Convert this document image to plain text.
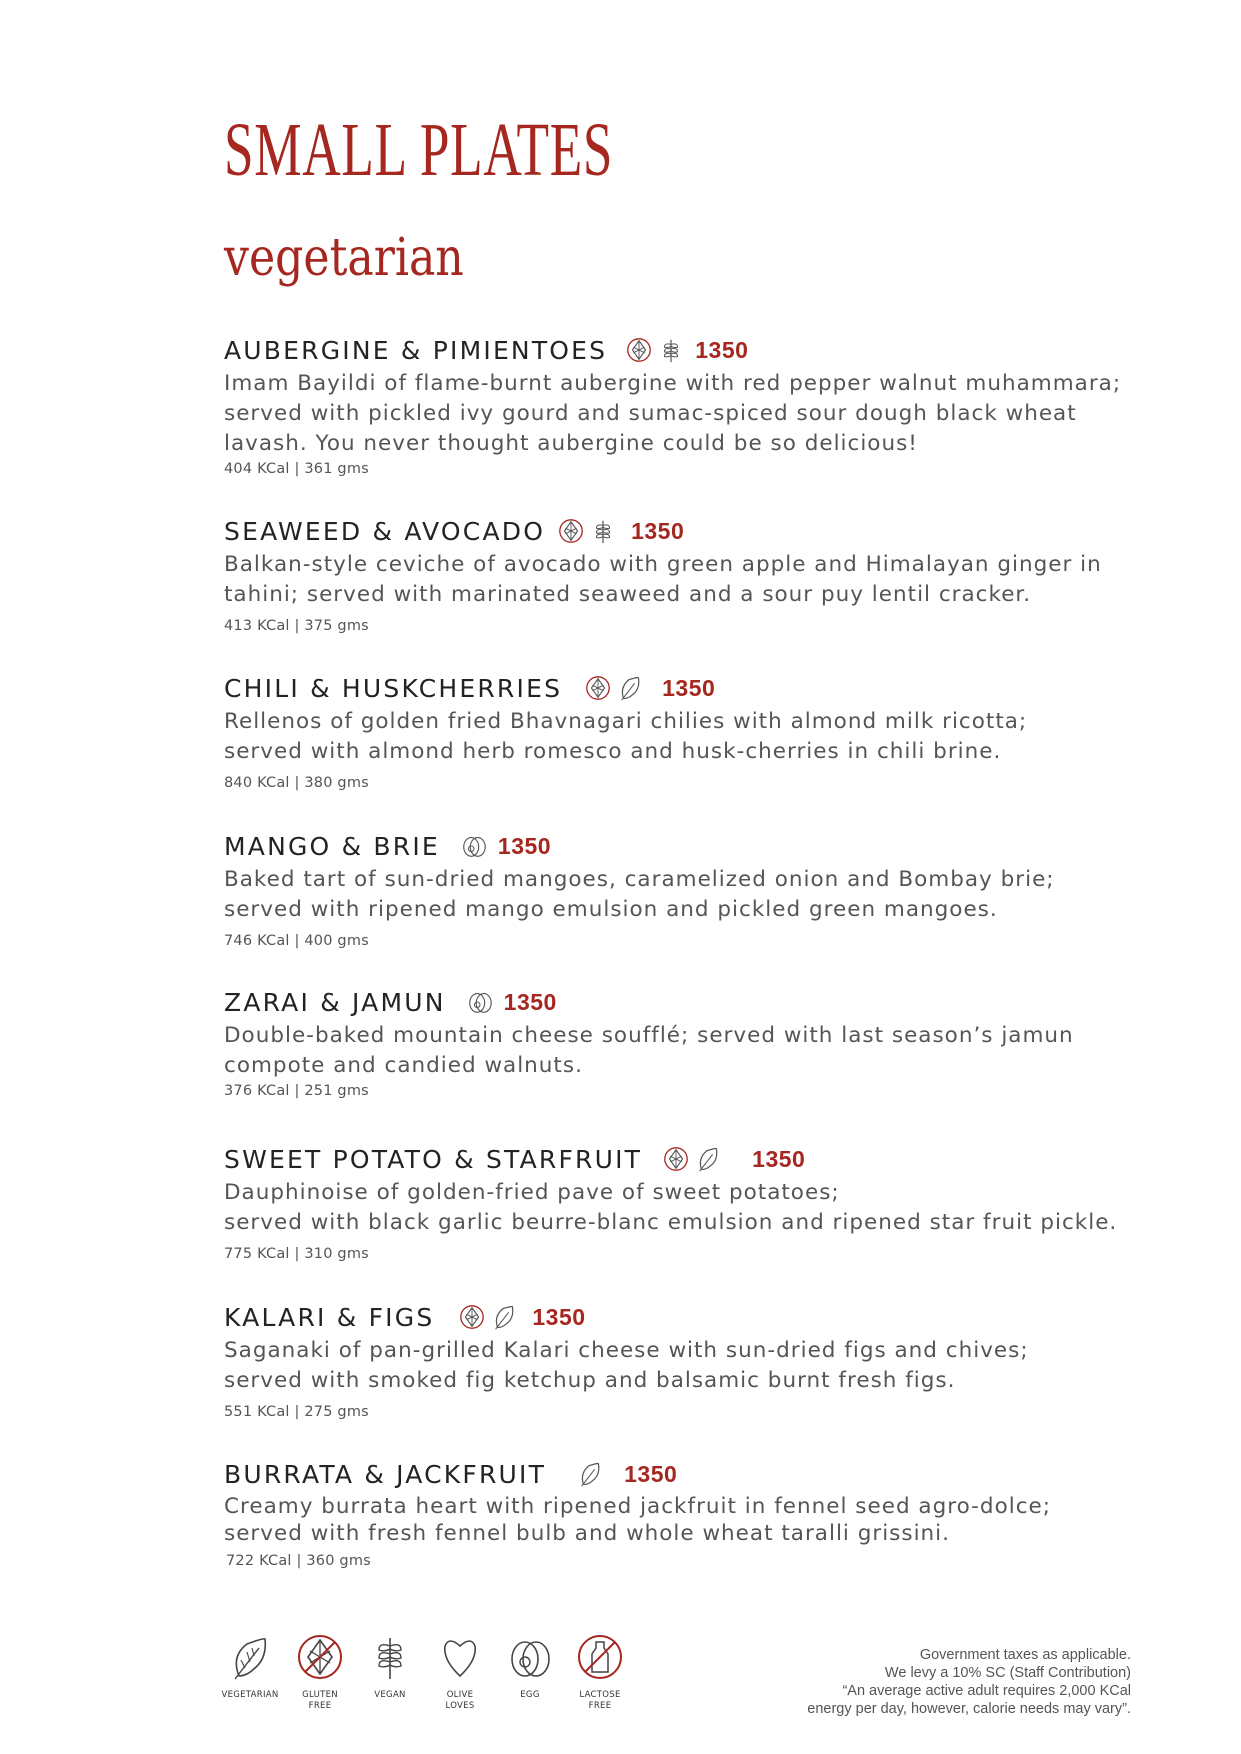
SMALL PLATES
vegetarian
AUBERGINE & PIMIENTOES	1350
Imam Bayildi of flame-burnt aubergine with red pepper walnut muhammara;
served with pickled ivy gourd and sumac-spiced sour dough black wheat
lavash. You never thought aubergine could be so delicious!
404 KCal | 361 gms
SEAWEED & AVOCADO	1350
Balkan-style ceviche of avocado with green apple and Himalayan ginger in
tahini; served with marinated seaweed and a sour puy lentil cracker.
413 KCal | 375 gms
CHILI & HUSKCHERRIES	1350
Rellenos of golden fried Bhavnagari chilies with almond milk ricotta;
served with almond herb romesco and husk-cherries in chili brine.
840 KCal | 380 gms
MANGO & BRIE	1350
Baked tart of sun-dried mangoes, caramelized onion and Bombay brie;
served with ripened mango emulsion and pickled green mangoes.
746 KCal | 400 gms
ZARAI & JAMUN	1350
Double-baked mountain cheese soufflé; served with last season’s jamun
compote and candied walnuts.
376 KCal | 251 gms
SWEET POTATO & STARFRUIT	1350
Dauphinoise of golden-fried pave of sweet potatoes;
served with black garlic beurre-blanc emulsion and ripened star fruit pickle.
775 KCal | 310 gms
KALARI & FIGS	1350
Saganaki of pan-grilled Kalari cheese with sun-dried figs and chives;
served with smoked fig ketchup and balsamic burnt fresh figs.
551 KCal | 275 gms
BURRATA & JACKFRUIT	1350
Creamy burrata heart with ripened jackfruit in fennel seed agro-dolce;
served with fresh fennel bulb and whole wheat taralli grissini.
722 KCal | 360 gms
VEGETARIAN	GLUTEN
FREE
VEGAN	OLIVE
LOVES
EGG	LACTOSE
FREE
Government taxes as applicable.
We levy a 10% SC (Staff Contribution)
“An average active adult requires 2,000 KCal
energy per day, however, calorie needs may vary”.
